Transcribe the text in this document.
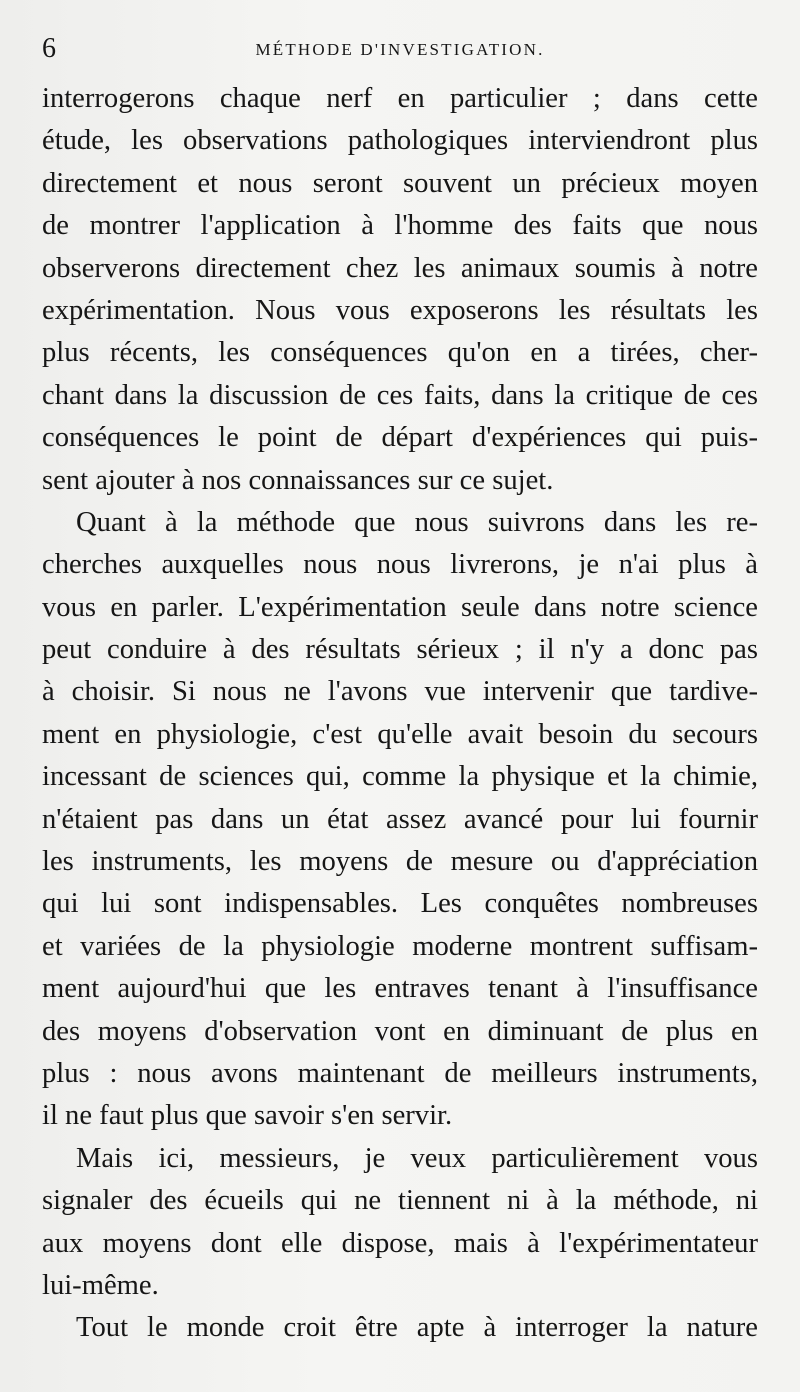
6	MÉTHODE D'INVESTIGATION.
interrogerons chaque nerf en particulier ; dans cette
étude, les observations pathologiques interviendront plus
directement et nous seront souvent un précieux moyen
de montrer l'application à l'homme des faits que nous
observerons directement chez les animaux soumis à notre
expérimentation. Nous vous exposerons les résultats les
plus récents, les conséquences qu'on en a tirées, cher-
chant dans la discussion de ces faits, dans la critique de ces
conséquences le point de départ d'expériences qui puis-
sent ajouter à nos connaissances sur ce sujet.
Quant à la méthode que nous suivrons dans les re-
cherches auxquelles nous nous livrerons, je n'ai plus à
vous en parler. L'expérimentation seule dans notre science
peut conduire à des résultats sérieux ; il n'y a donc pas
à choisir. Si nous ne l'avons vue intervenir que tardive-
ment en physiologie, c'est qu'elle avait besoin du secours
incessant de sciences qui, comme la physique et la chimie,
n'étaient pas dans un état assez avancé pour lui fournir
les instruments, les moyens de mesure ou d'appréciation
qui lui sont indispensables. Les conquêtes nombreuses
et variées de la physiologie moderne montrent suffisam-
ment aujourd'hui que les entraves tenant à l'insuffisance
des moyens d'observation vont en diminuant de plus en
plus : nous avons maintenant de meilleurs instruments,
il ne faut plus que savoir s'en servir.
Mais ici, messieurs, je veux particulièrement vous
signaler des écueils qui ne tiennent ni à la méthode, ni
aux moyens dont elle dispose, mais à l'expérimentateur
lui-même.
Tout le monde croit être apte à interroger la nature
